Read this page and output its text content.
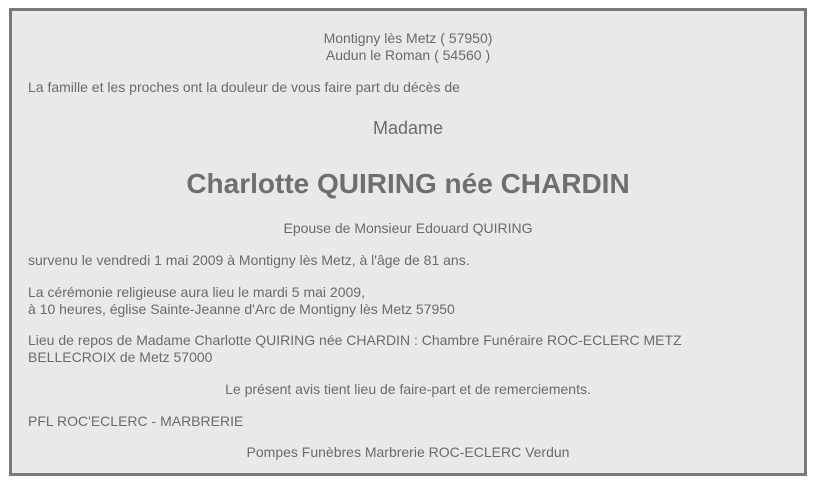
Montigny lès Metz ( 57950)
Audun le Roman ( 54560 )
La famille et les proches ont la douleur de vous faire part du décès de
Madame
Charlotte QUIRING née CHARDIN
Epouse de Monsieur Edouard QUIRING
survenu le vendredi 1 mai 2009 à Montigny lès Metz, à l'âge de 81 ans.
La cérémonie religieuse aura lieu le mardi 5 mai 2009,
à 10 heures, église Sainte-Jeanne d'Arc de Montigny lès Metz 57950
Lieu de repos de Madame Charlotte QUIRING née CHARDIN : Chambre Funéraire ROC-ECLERC METZ
BELLECROIX de Metz 57000
Le présent avis tient lieu de faire-part et de remerciements.
PFL ROC'ECLERC - MARBRERIE
Pompes Funèbres Marbrerie ROC-ECLERC Verdun
